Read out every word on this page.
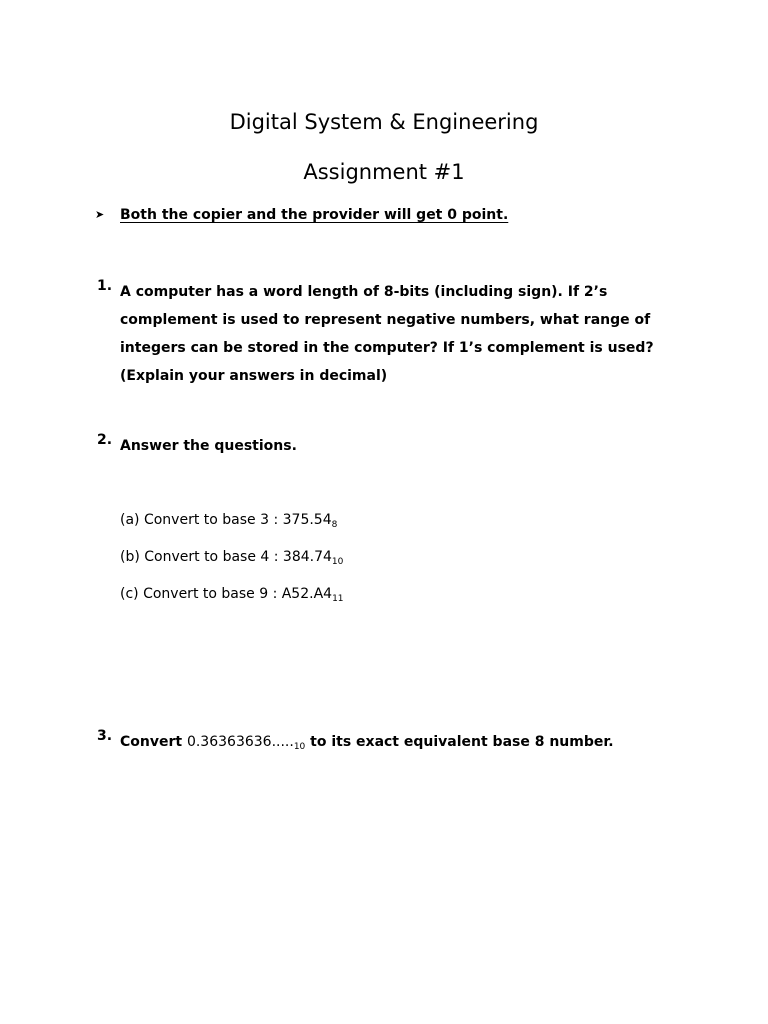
Digital System & Engineering
Assignment #1
➤ Both the copier and the provider will get 0 point.
1. A computer has a word length of 8-bits (including sign). If 2’s complement is used to represent negative numbers, what range of integers can be stored in the computer? If 1’s complement is used? (Explain your answers in decimal)
2. Answer the questions.
(a) Convert to base 3 : $375.54_8$
(b) Convert to base 4 : $384.74_{10}$
(c) Convert to base 9 : $A52.A4_{11}$
3. Convert $0.36363636....._{10}$ to its exact equivalent base 8 number.
